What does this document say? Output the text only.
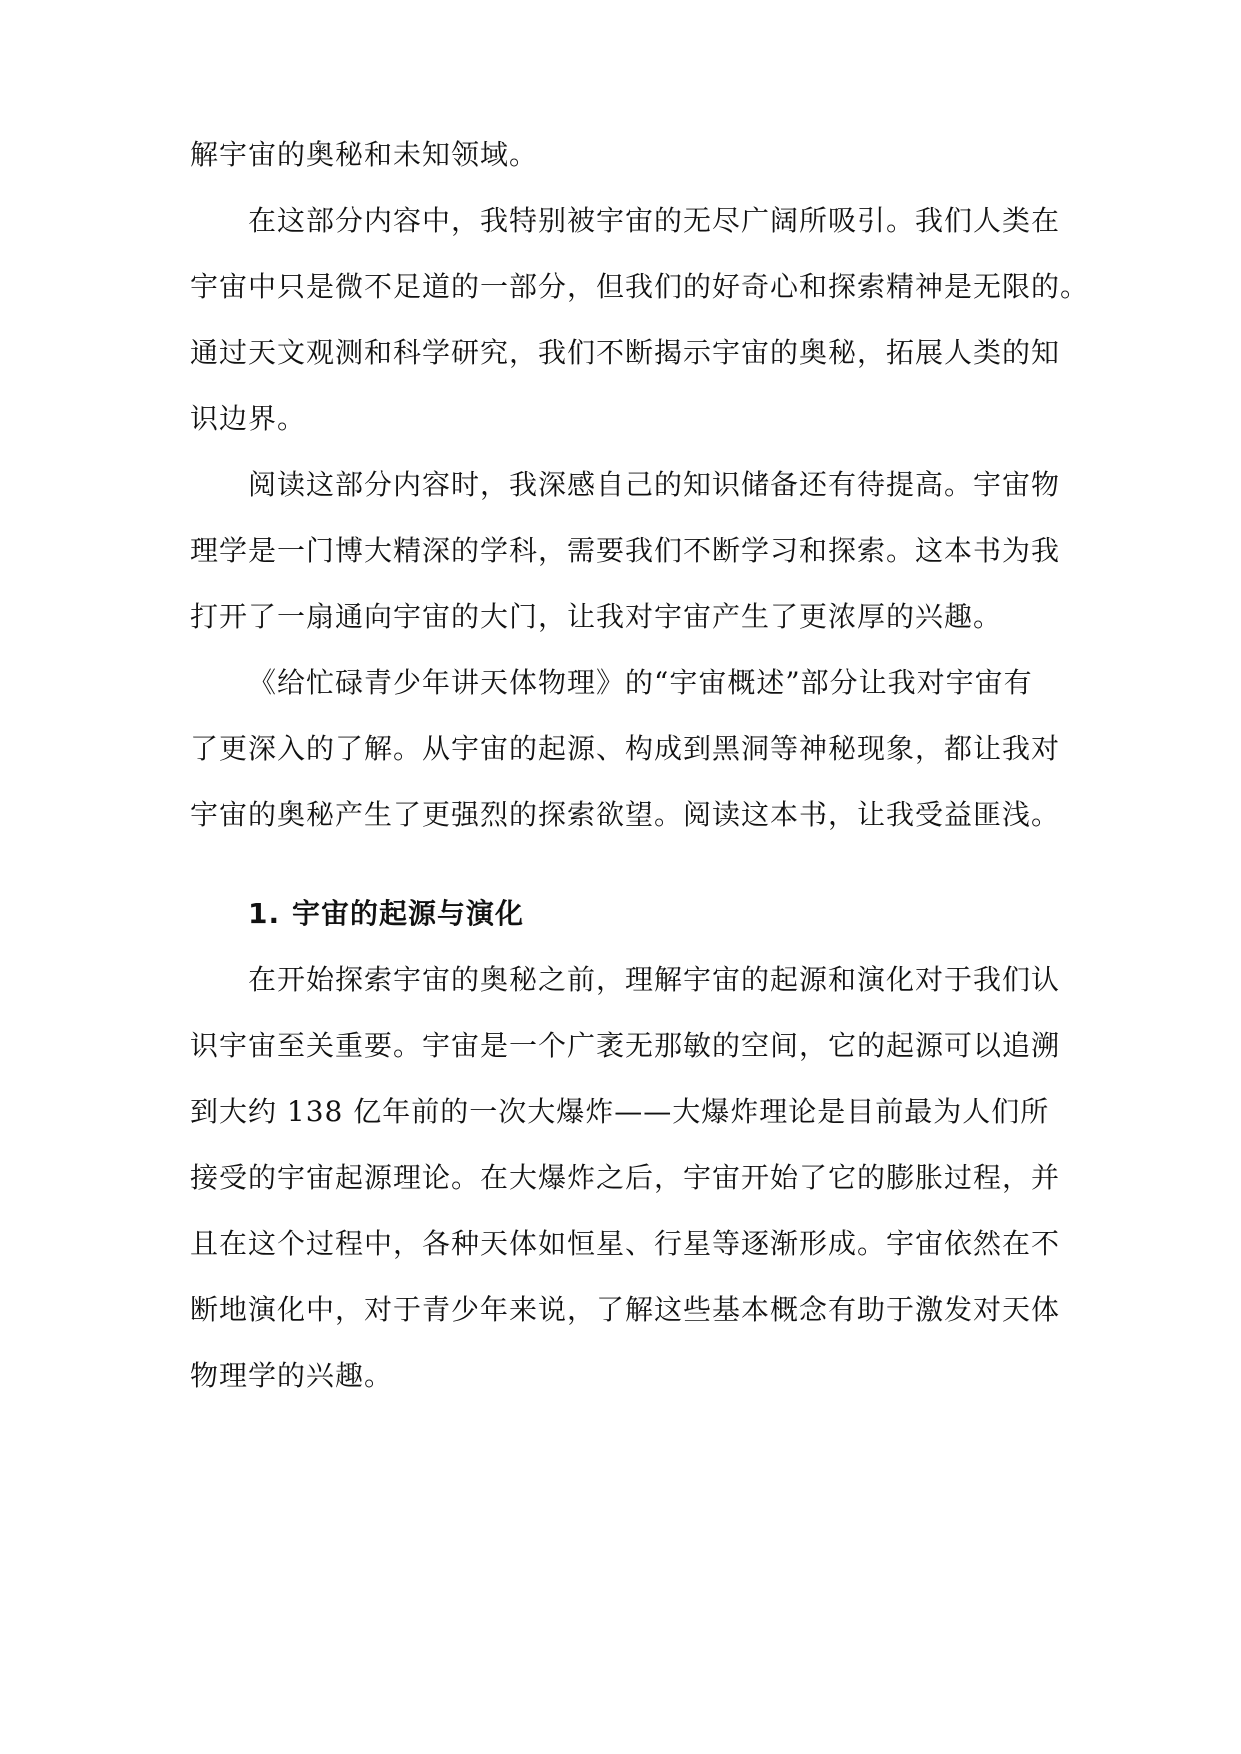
解宇宙的奥秘和未知领域。
在这部分内容中，我特别被宇宙的无尽广阔所吸引。我们人类在
宇宙中只是微不足道的一部分，但我们的好奇心和探索精神是无限的。
通过天文观测和科学研究，我们不断揭示宇宙的奥秘，拓展人类的知
识边界。
阅读这部分内容时，我深感自己的知识储备还有待提高。宇宙物
理学是一门博大精深的学科，需要我们不断学习和探索。这本书为我
打开了一扇通向宇宙的大门，让我对宇宙产生了更浓厚的兴趣。
《给忙碌青少年讲天体物理》的“宇宙概述”部分让我对宇宙有
了更深入的了解。从宇宙的起源、构成到黑洞等神秘现象，都让我对
宇宙的奥秘产生了更强烈的探索欲望。阅读这本书，让我受益匪浅。
1. 宇宙的起源与演化
在开始探索宇宙的奥秘之前，理解宇宙的起源和演化对于我们认
识宇宙至关重要。宇宙是一个广袤无那敏的空间，它的起源可以追溯
到大约 138 亿年前的一次大爆炸——大爆炸理论是目前最为人们所
接受的宇宙起源理论。在大爆炸之后，宇宙开始了它的膨胀过程，并
且在这个过程中，各种天体如恒星、行星等逐渐形成。宇宙依然在不
断地演化中，对于青少年来说，了解这些基本概念有助于激发对天体
物理学的兴趣。
